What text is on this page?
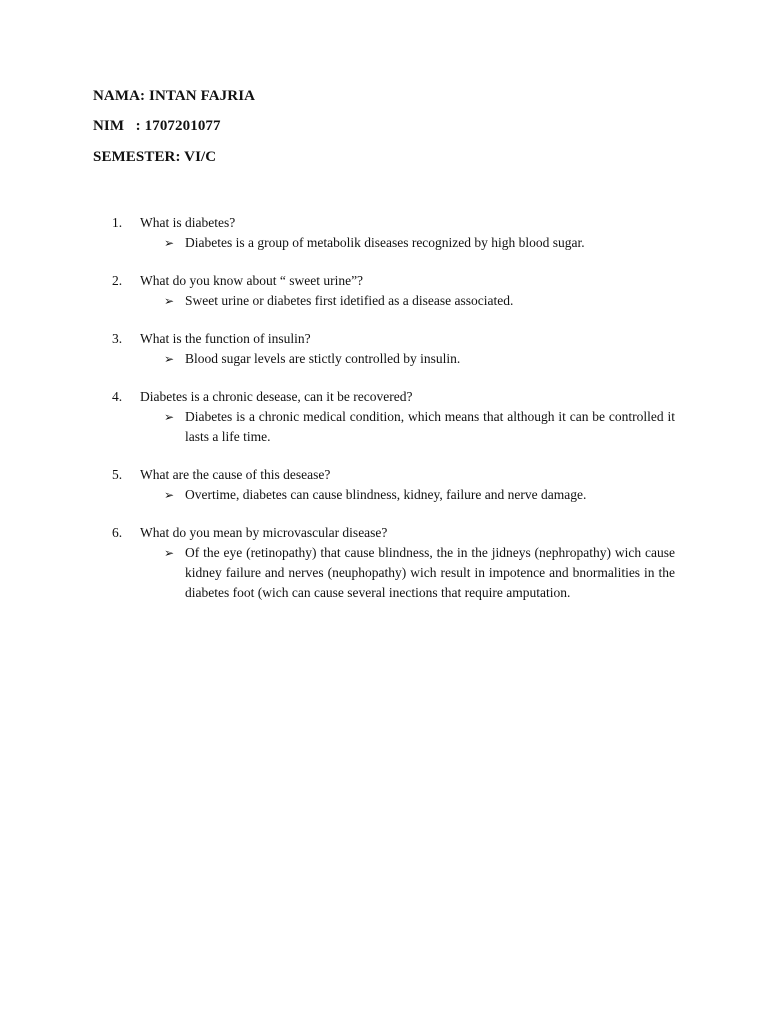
NAMA: INTAN FAJRIA
NIM   : 1707201077
SEMESTER: VI/C
1.	What is diabetes?
➢ Diabetes is a group of metabolik diseases recognized by high blood sugar.
2.	What do you know about “ sweet urine”?
➢ Sweet urine or diabetes first idetified as a disease associated.
3.	What is the function of insulin?
➢ Blood sugar levels are stictly controlled by insulin.
4.	Diabetes is a chronic desease, can it be recovered?
➢ Diabetes is a chronic medical condition, which means that although it can be controlled it lasts a life time.
5.	What are the cause of this desease?
➢ Overtime, diabetes can cause blindness, kidney, failure and nerve damage.
6.	What do you mean by microvascular disease?
➢ Of the eye (retinopathy) that cause blindness, the in the jidneys (nephropathy) wich cause kidney failure and nerves (neuphopathy) wich result in impotence and bnormalities in the diabetes foot (wich can cause several inections that require amputation.
